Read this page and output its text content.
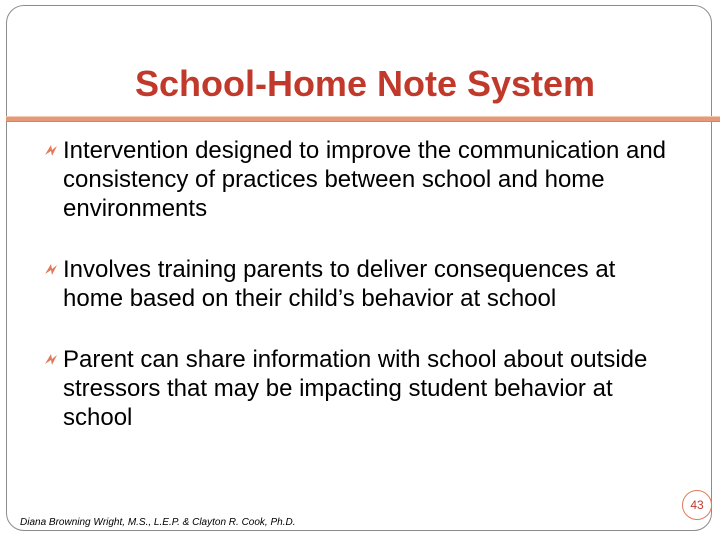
School-Home Note System
Intervention designed to improve the communication and consistency of practices between school and home environments
Involves training parents to deliver consequences at home based on their child’s behavior at school
Parent can share information with school about outside stressors that may be impacting student behavior at school
Diana Browning Wright, M.S., L.E.P. & Clayton R. Cook, Ph.D.
43
